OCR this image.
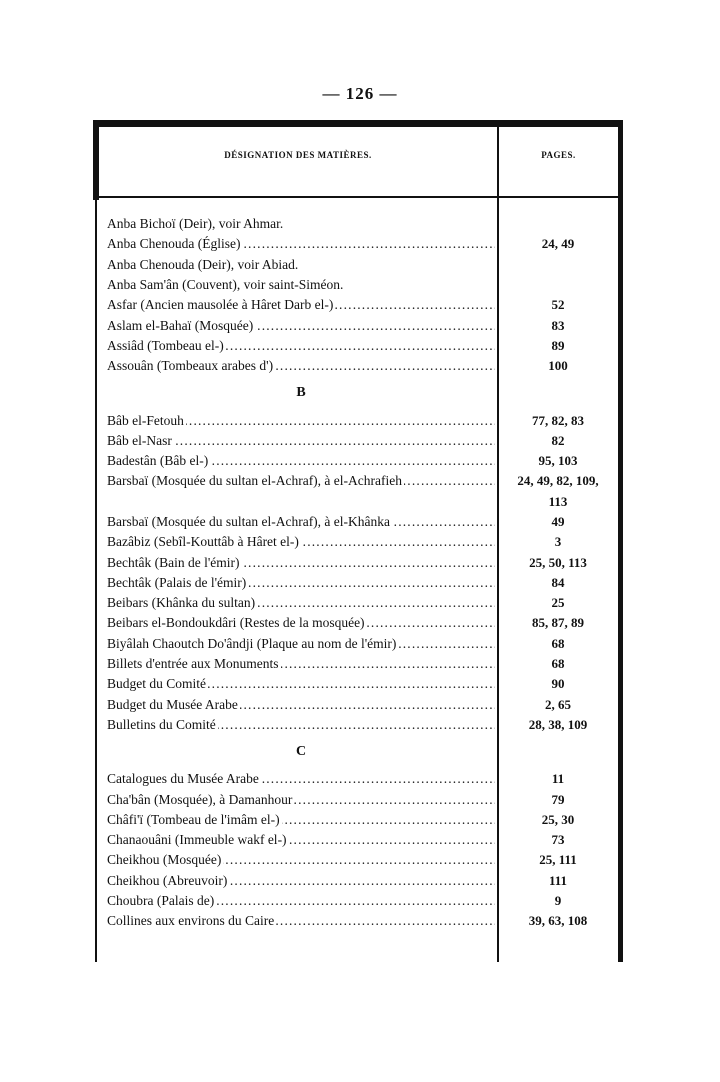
— 126 —
DÉSIGNATION DES MATIÈRES.	PAGES.
Anba Bichoï (Deir), voir Ahmar.
Anba Chenouda (Église) . . .	24, 49
Anba Chenouda (Deir), voir Abiad.
Anba Sam'ân (Couvent), voir saint-Siméon.
Asfar (Ancien mausolée à Hâret Darb el-) . . .	52
Aslam el-Bahaï (Mosquée) . . .	83
Assiâd (Tombeau el-) . . .	89
Assouân (Tombeaux arabes d') . . .	100
B
Bâb el-Fetouh . . .	77, 82, 83
Bâb el-Nasr . . .	82
Badestân (Bâb el-) . . .	95, 103
Barsbaï (Mosquée du sultan el-Achraf), à el-Achrafieh . . .	24, 49, 82, 109,
113
Barsbaï (Mosquée du sultan el-Achraf), à el-Khânka . . .	49
Bazâbiz (Sebîl-Kouttâb à Hâret el-) . . .	3
Bechtâk (Bain de l'émir) . . .	25, 50, 113
Bechtâk (Palais de l'émir) . . .	84
Beibars (Khânka du sultan) . . .	25
Beibars el-Bondoukdâri (Restes de la mosquée) . . .	85, 87, 89
Biyâlah Chaoutch Do'ândji (Plaque au nom de l'émir) . . .	68
Billets d'entrée aux Monuments . . .	68
Budget du Comité . . .	90
Budget du Musée Arabe . . .	2, 65
Bulletins du Comité . . .	28, 38, 109
C
Catalogues du Musée Arabe . . .	11
Cha'bân (Mosquée), à Damanhour . . .	79
Châfi'ï (Tombeau de l'imâm el-) . . .	25, 30
Chanaouâni (Immeuble wakf el-) . . .	73
Cheikhou (Mosquée) . . .	25, 111
Cheikhou (Abreuvoir) . . .	111
Choubra (Palais de) . . .	9
Collines aux environs du Caire . . .	39, 63, 108
